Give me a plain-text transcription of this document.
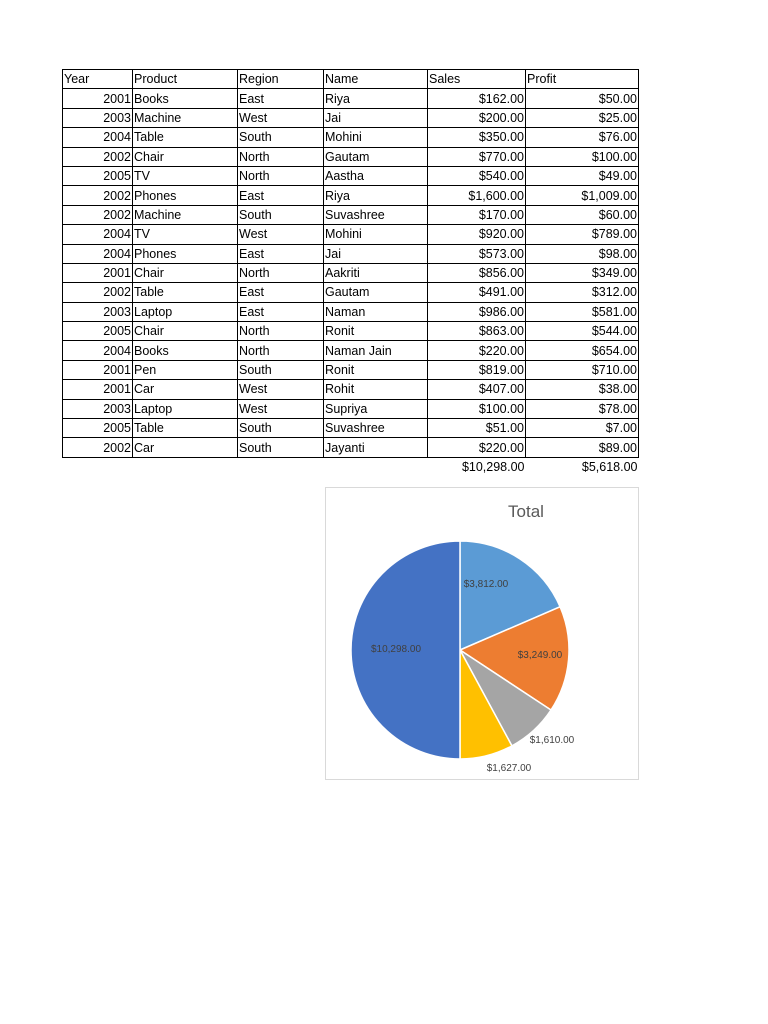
Year	Product	Region	Name	Sales	Profit
2001	Books	East	Riya	$162.00	$50.00
2003	Machine	West	Jai	$200.00	$25.00
2004	Table	South	Mohini	$350.00	$76.00
2002	Chair	North	Gautam	$770.00	$100.00
2005	TV	North	Aastha	$540.00	$49.00
2002	Phones	East	Riya	$1,600.00	$1,009.00
2002	Machine	South	Suvashree	$170.00	$60.00
2004	TV	West	Mohini	$920.00	$789.00
2004	Phones	East	Jai	$573.00	$98.00
2001	Chair	North	Aakriti	$856.00	$349.00
2002	Table	East	Gautam	$491.00	$312.00
2003	Laptop	East	Naman	$986.00	$581.00
2005	Chair	North	Ronit	$863.00	$544.00
2004	Books	North	Naman Jain	$220.00	$654.00
2001	Pen	South	Ronit	$819.00	$710.00
2001	Car	West	Rohit	$407.00	$38.00
2003	Laptop	West	Supriya	$100.00	$78.00
2005	Table	South	Suvashree	$51.00	$7.00
2002	Car	South	Jayanti	$220.00	$89.00
				$10,298.00	$5,618.00
Total
$3,812.00
$3,249.00
$1,610.00
$1,627.00
$10,298.00
